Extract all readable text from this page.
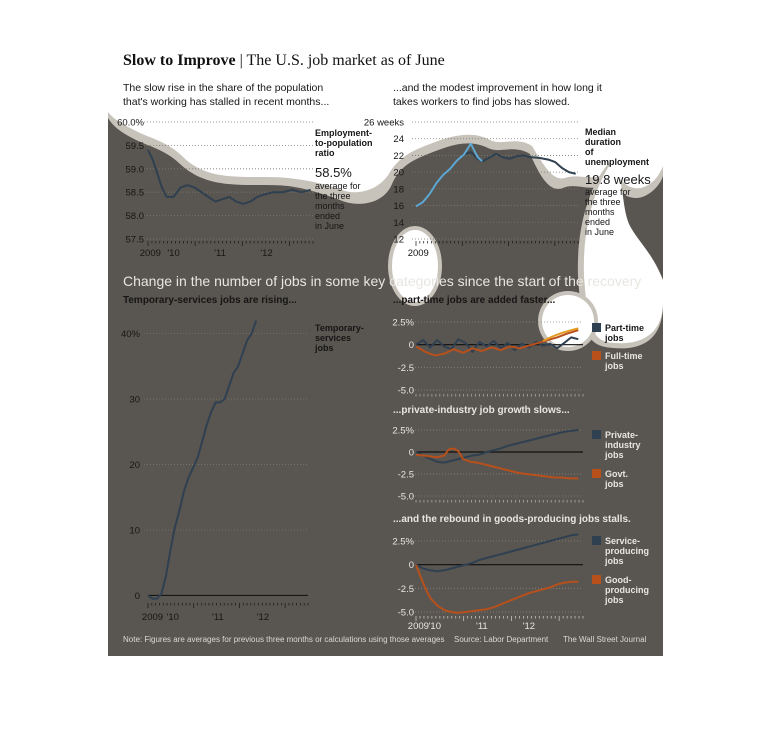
Slow to Improve | The U.S. job market as of June
The slow rise in the share of the population
that's working has stalled in recent months...
...and the modest improvement in how long it
takes workers to find jobs has slowed.
Change in the number of jobs in some key categories since the start of the recovery
Temporary-services jobs are rising...	...part-time jobs are added faster...
...private-industry job growth slows...
...and the rebound in goods-producing jobs stalls.
60.0%
59.5
59.0
58.5
58.0
57.5
2009 '10	'11	'12
26 weeks
24
22
20
18
16
14
12
2009
40%
30
20
10
0
2009 '10	'11	'12
2.5%
0
-2.5
-5.0
2.5%
0
-2.5
-5.0
2.5%
0
-2.5
-5.0
2009 '10	'11	'12
Employment-
to-population
ratio
58.5%
average for
the three
months
ended
in June
Median
duration
of
unemployment
19.8 weeks
average for
the three
months
ended
in June
Temporary-
services
jobs
Part-time
jobs
Full-time
jobs
Private-
industry
jobs
Govt.
jobs
Service-
producing
jobs
Good-
producing
jobs
Note: Figures are averages for previous three months or calculations using those averages Source: Labor Department The Wall Street Journal
